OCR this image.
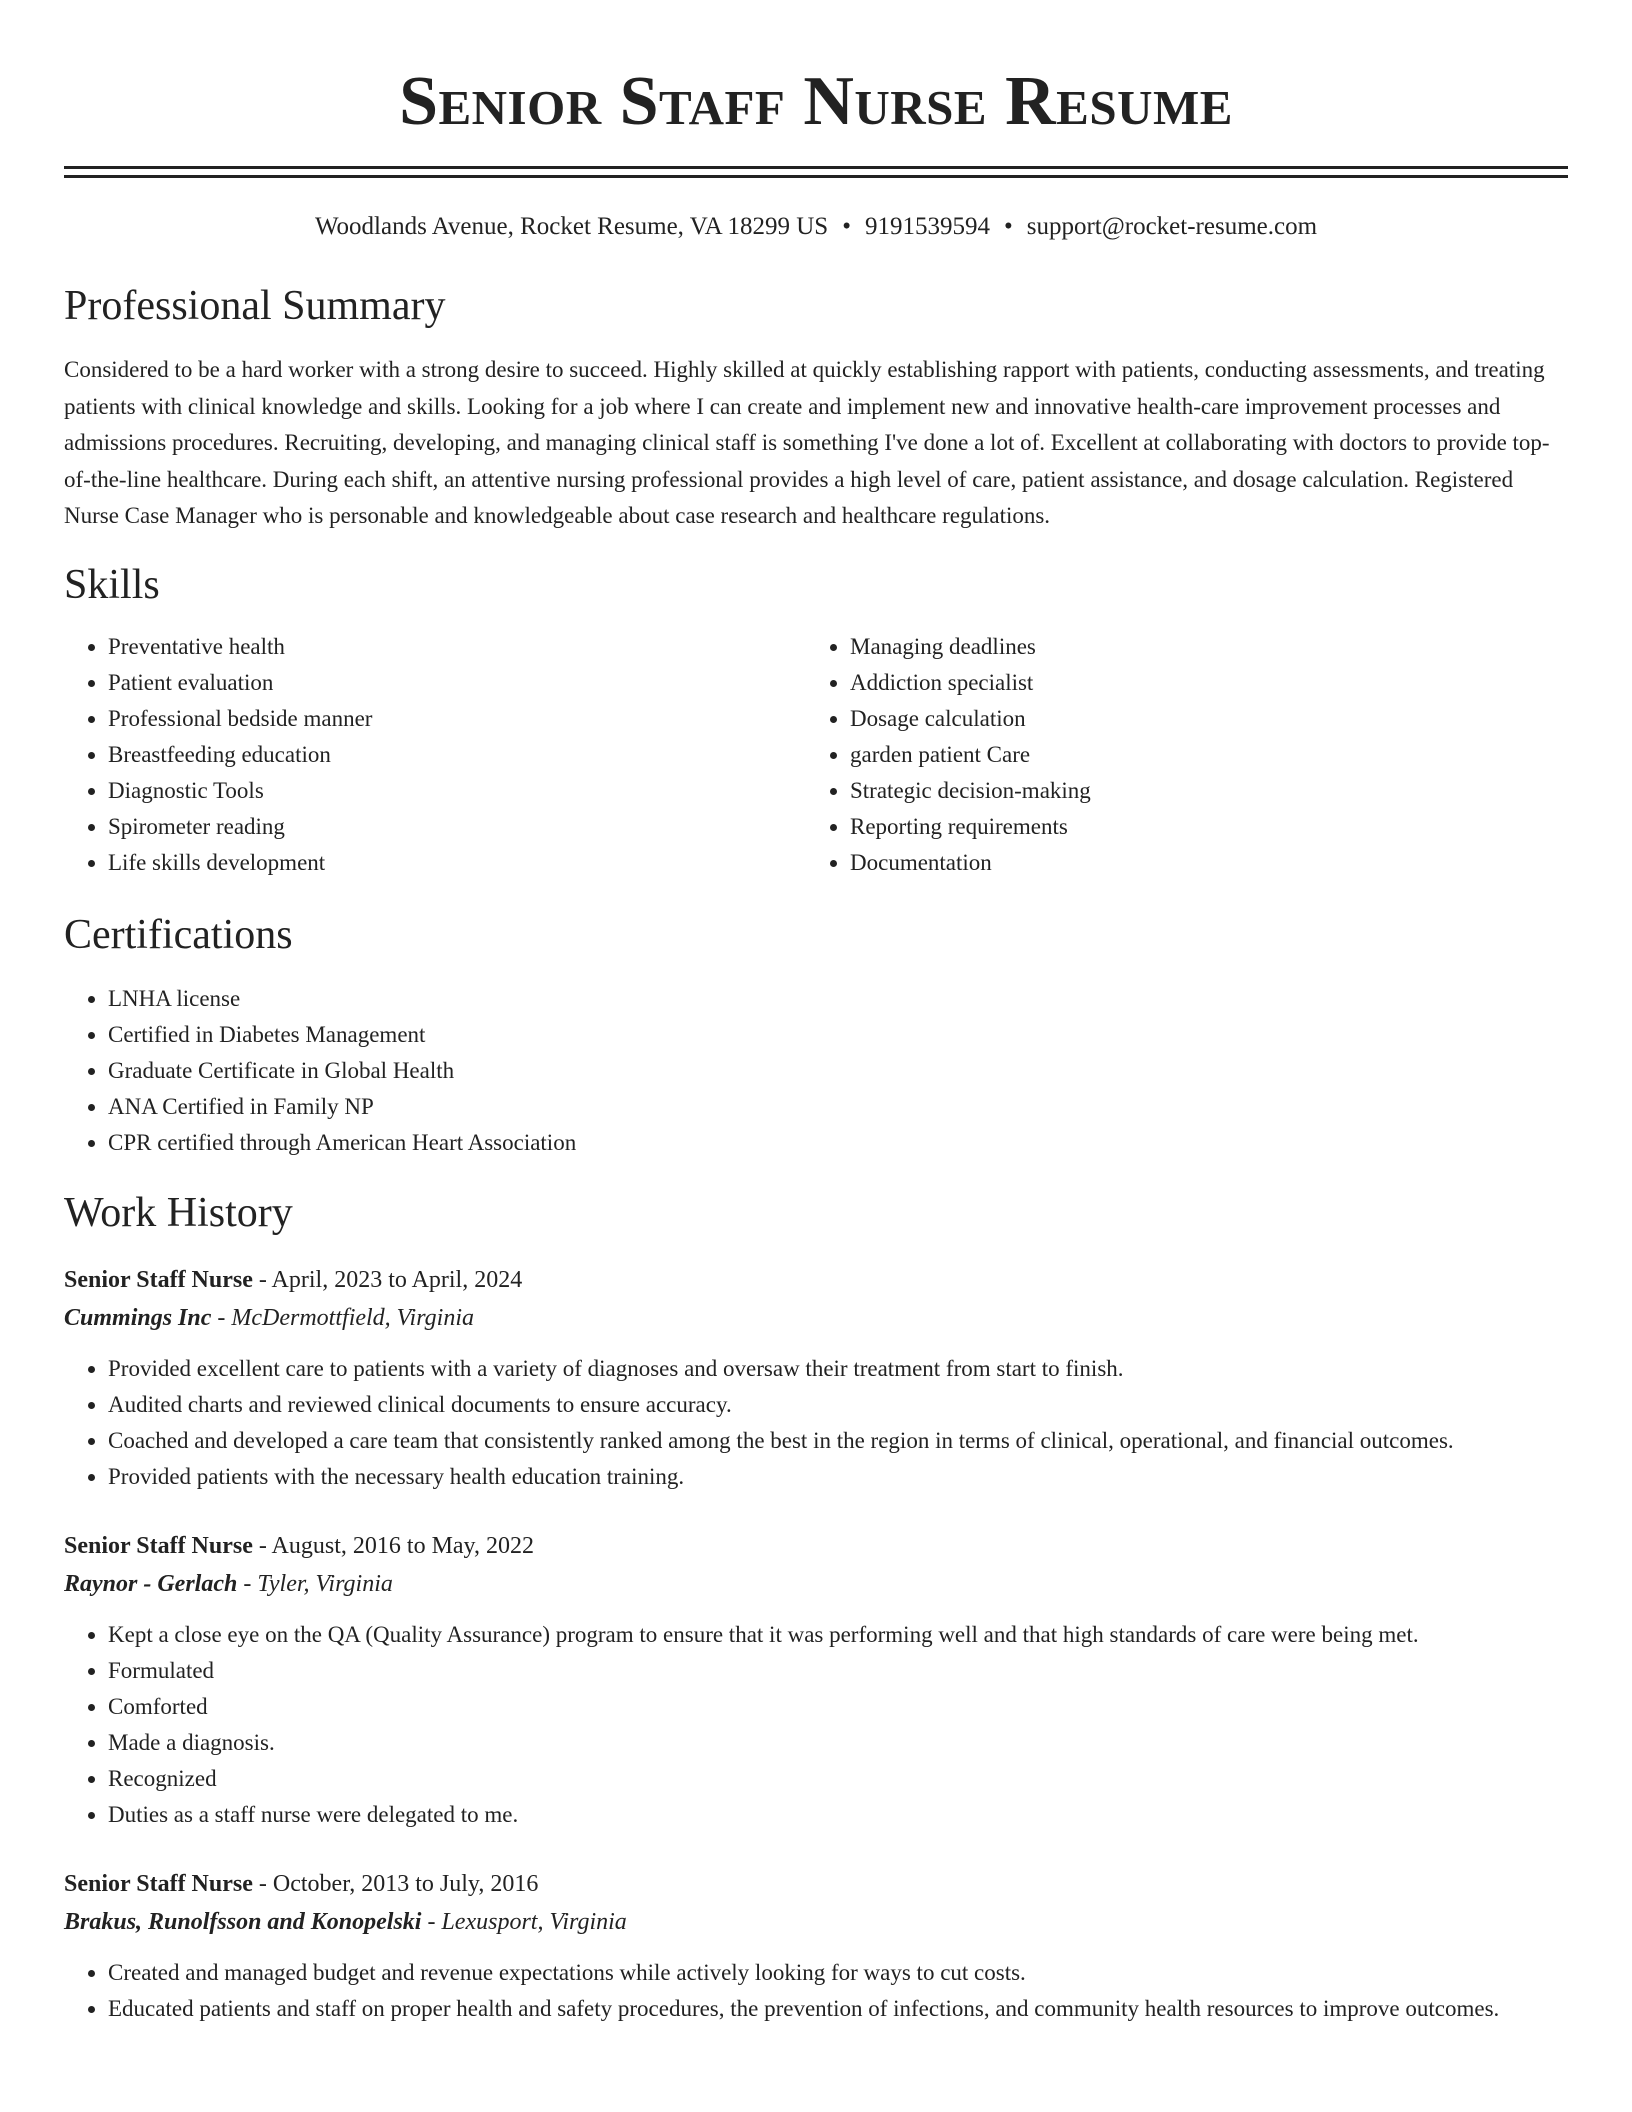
Senior Staff Nurse Resume
Woodlands Avenue, Rocket Resume, VA 18299 US • 9191539594 • support@rocket-resume.com
Professional Summary

Considered to be a hard worker with a strong desire to succeed. Highly skilled at quickly establishing rapport with patients, conducting assessments, and treating patients with clinical knowledge and skills. Looking for a job where I can create and implement new and innovative health-care improvement processes and admissions procedures. Recruiting, developing, and managing clinical staff is something I've done a lot of. Excellent at collaborating with doctors to provide top-of-the-line healthcare. During each shift, an attentive nursing professional provides a high level of care, patient assistance, and dosage calculation. Registered Nurse Case Manager who is personable and knowledgeable about case research and healthcare regulations.

Skills
• Preventative health
• Patient evaluation
• Professional bedside manner
• Breastfeeding education
• Diagnostic Tools
• Spirometer reading
• Life skills development
• Managing deadlines
• Addiction specialist
• Dosage calculation
• garden patient Care
• Strategic decision-making
• Reporting requirements
• Documentation
Certifications
• LNHA license
• Certified in Diabetes Management
• Graduate Certificate in Global Health
• ANA Certified in Family NP
• CPR certified through American Heart Association
Work History
Senior Staff Nurse - April, 2023 to April, 2024
Cummings Inc - McDermottfield, Virginia
• Provided excellent care to patients with a variety of diagnoses and oversaw their treatment from start to finish.
• Audited charts and reviewed clinical documents to ensure accuracy.
• Coached and developed a care team that consistently ranked among the best in the region in terms of clinical, operational, and financial outcomes.
• Provided patients with the necessary health education training.
Senior Staff Nurse - August, 2016 to May, 2022
Raynor - Gerlach - Tyler, Virginia
• Kept a close eye on the QA (Quality Assurance) program to ensure that it was performing well and that high standards of care were being met.
• Formulated
• Comforted
• Made a diagnosis.
• Recognized
• Duties as a staff nurse were delegated to me.
Senior Staff Nurse - October, 2013 to July, 2016
Brakus, Runolfsson and Konopelski - Lexusport, Virginia
• Created and managed budget and revenue expectations while actively looking for ways to cut costs.
• Educated patients and staff on proper health and safety procedures, the prevention of infections, and community health resources to improve outcomes.
